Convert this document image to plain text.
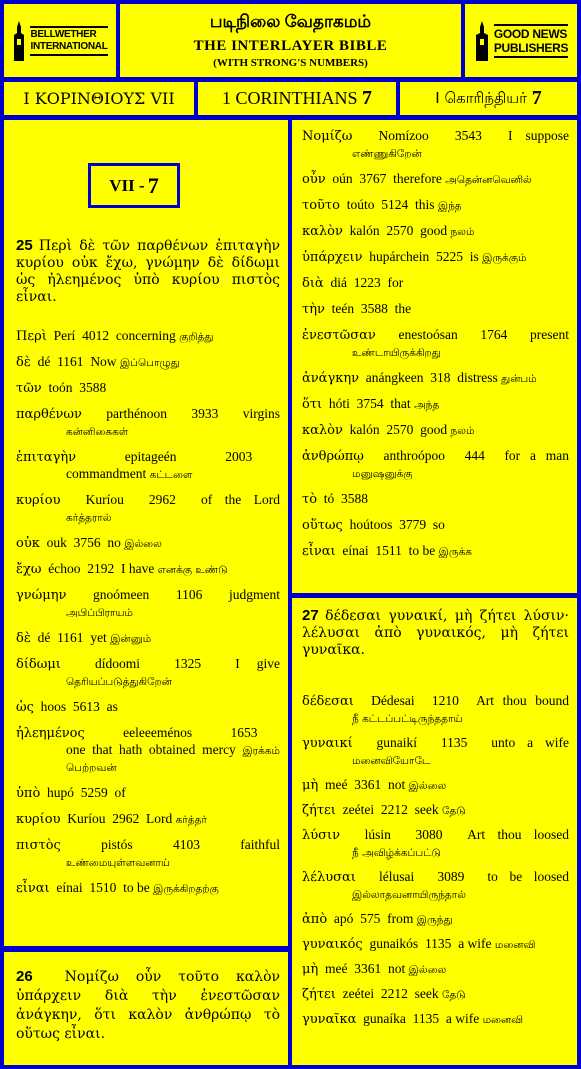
BELLWETHER
INTERNATIONAL
படிநிலை வேதாகமம்
THE INTERLAYER BIBLE
(WITH STRONG'S NUMBERS)
GOOD NEWS
PUBLISHERS
I ΚΟΡΙΝΘΙΟΥΣ VII	1 CORINTHIANS
7	I கொரிந்தியர்
7
VII - 7
25 Περὶ δὲ τῶν παρθένων ἐπιταγὴν κυρίου οὐκ ἔχω, γνώμην δὲ δίδωμι ὡς ἠλεημένος ὑπὸ κυρίου πιστὸς εἶναι.
Περὶ Perí 4012 concerning குறித்து
δὲ dé 1161 Now இப்பொழுது
τῶν toón 3588
παρθένων parthénoon 3933 virgins
கன்னிகைகள்
ἐπιταγὴν	epitageén	2003
commandment கட்டளை
κυρίου Kuríou 2962 of the Lord
கர்த்தரால்
οὐκ ouk 3756 no இல்லை
ἔχω échoo 2192 I have எனக்கு உண்டு
γνώμην gnoómeen 1106 judgment
அபிப்பிராயம்
δὲ dé 1161 yet இன்னும்
δίδωμι	dídoomi	1325	I give
தெரியப்படுத்துகிறேன்
ὡς hoos 5613 as
ἠλεημένος	eeleeeménos	1653
one that hath obtained mercy இரக்கம் பெற்றவன்
ὑπὸ hupó 5259 of
κυρίου Kuríou 2962 Lord கர்த்தர்
πιστὸς	pistós	4103	faithful
உண்மையுள்ளவனாய்
εἶναι eínai 1510 to be இருக்கிறதற்கு
26 Νομίζω οὖν τοῦτο καλὸν ὑπάρχειν διὰ τὴν ἐνεστῶσαν ἀνάγκην, ὅτι καλὸν ἀνθρώπῳ τὸ οὕτως εἶναι.
Νομίζω Nomízoo 3543 I suppose
எண்ணுகிறேன்
οὖν oún 3767 therefore அதென்னவெனில்
τοῦτο toúto 5124 this இந்த
καλὸν kalón 2570 good நலம்
ὑπάρχειν hupárchein 5225 is இருக்கும்
διὰ diá 1223 for
τὴν teén 3588 the
ἐνεστῶσαν enestoósan 1764 present
உண்டாயிருக்கிறது
ἀνάγκην anángkeen 318 distress துன்பம்
ὅτι hóti 3754 that அந்த
καλὸν kalón 2570 good நலம்
ἀνθρώπῳ anthroópoo 444 for a man
மனுஷனுக்கு
τὸ tó 3588
οὕτως hoútoos 3779 so
εἶναι eínai 1511 to be இருக்க
27 δέδεσαι γυναικί, μὴ ζήτει λύσιν· λέλυσαι ἀπὸ γυναικός, μὴ ζήτει γυναῖκα.
δέδεσαι Dédesai 1210 Art thou bound
நீ கட்டப்பட்டிருந்ததாய்
γυναικί gunaikí 1135 unto a wife
மனைவியோடே
μὴ meé 3361 not இல்லை
ζήτει zeétei 2212 seek தேடு
λύσιν lúsin 3080 Art thou loosed
நீ அவிழ்க்கப்பட்டு
λέλυσαι lélusai 3089 to be loosed
இல்லாதவனாயிருந்தால்
ἀπὸ apó 575 from இருந்து
γυναικός gunaikós 1135 a wife மனைவி
μὴ meé 3361 not இல்லை
ζήτει zeétei 2212 seek தேடு
γυναῖκα gunaíka 1135 a wife மனைவி
